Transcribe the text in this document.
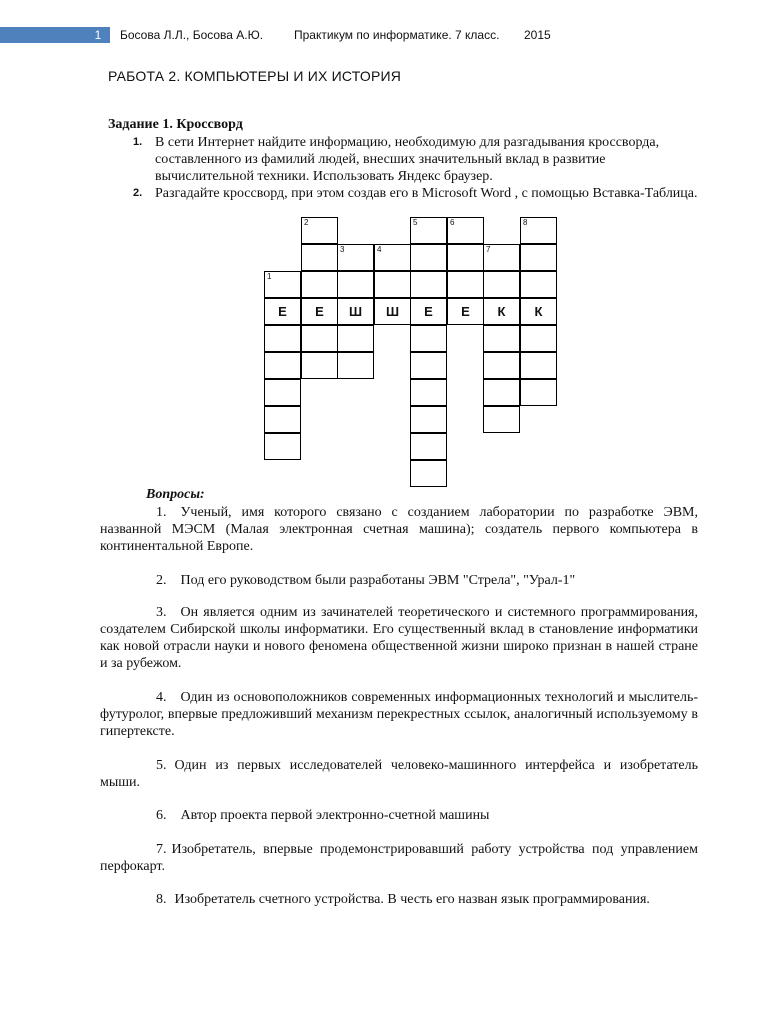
1	Босова Л.Л., Босова А.Ю.	Практикум по информатике. 7 класс. 2015
РАБОТА 2. КОМПЬЮТЕРЫ И ИХ ИСТОРИЯ
Задание 1. Кроссворд
1. В сети Интернет найдите информацию, необходимую для разгадывания кроссворда, составленного из фамилий людей, внесших значительный вклад в развитие вычислительной техники. Использовать Яндекс браузер.
2. Разгадайте кроссворд, при этом создав его в Microsoft Word , с помощью Вставка-Таблица.
1
Е
2
Е
3
Ш
4
Ш
5
Е
6
Е
7
К
8
К
Вопросы:
1. Ученый, имя которого связано с созданием лаборатории по разработке ЭВМ, названной МЭСМ (Малая электронная счетная машина); создатель первого компьютера в континентальной Европе.
2. Под его руководством были разработаны ЭВМ "Стрела", "Урал-1"
3. Он является одним из зачинателей теоретического и системного программирования, создателем Сибирской школы информатики. Его существенный вклад в становление информатики как новой отрасли науки и нового феномена общественной жизни широко признан в нашей стране и за рубежом.
4. Один из основоположников современных информационных технологий и мыслитель-футуролог, впервые предложивший механизм перекрестных ссылок, аналогичный используемому в гипертексте.
5. Один из первых исследователей человеко-машинного интерфейса и изобретатель мыши.
6. Автор проекта первой электронно-счетной машины
7. Изобретатель, впервые продемонстрировавший работу устройства под управлением перфокарт.
8. Изобретатель счетного устройства. В честь его назван язык программирования.
